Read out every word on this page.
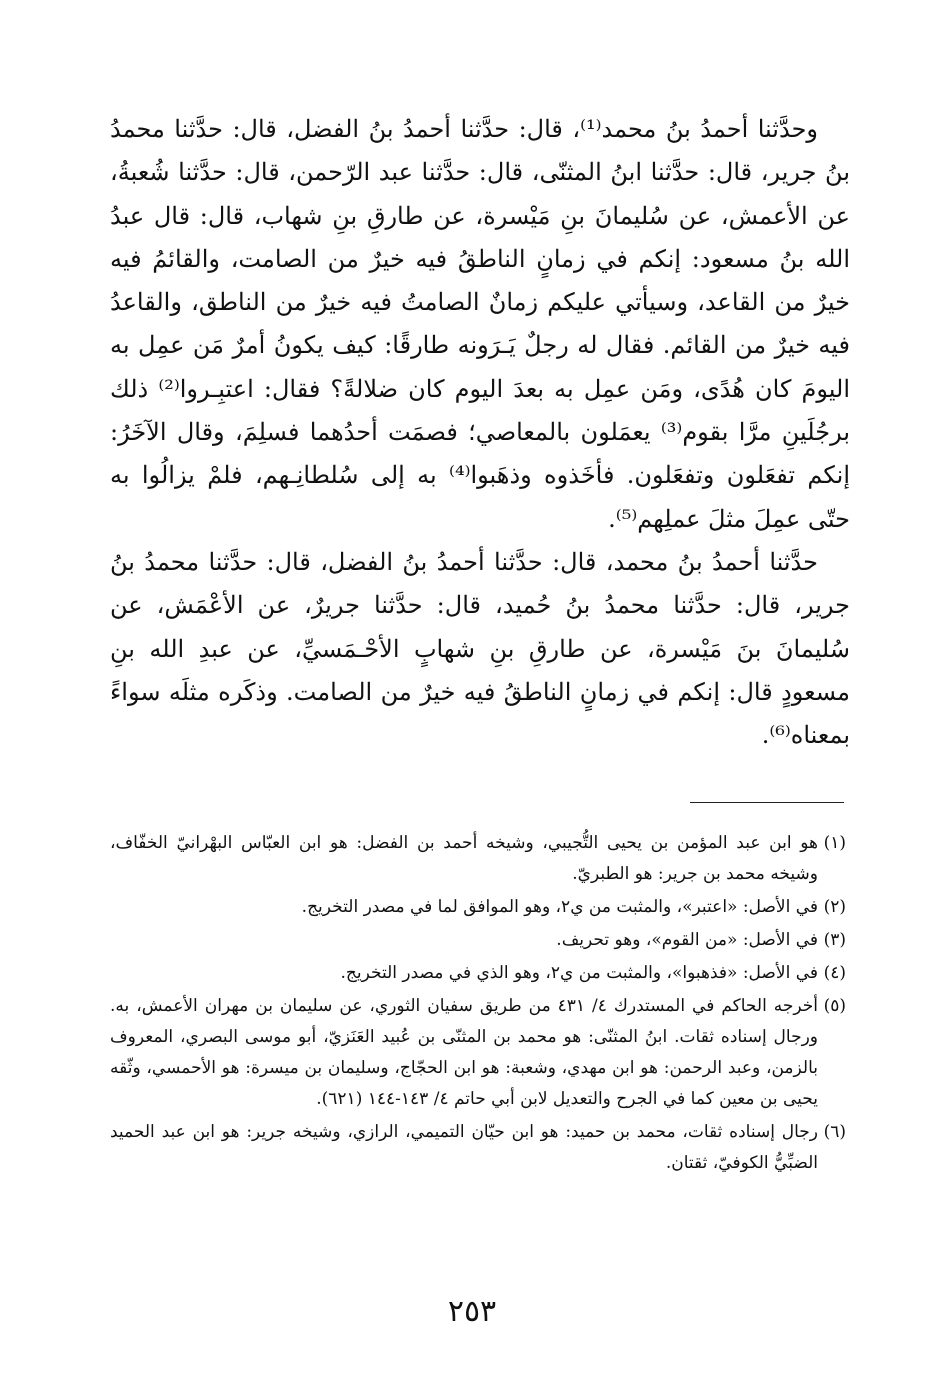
وحدَّثنا أحمدُ بنُ محمد⁽¹⁾، قال: حدَّثنا أحمدُ بنُ الفضل، قال: حدَّثنا محمدُ بنُ جرير، قال: حدَّثنا ابنُ المثنّى، قال: حدَّثنا عبد الرّحمن، قال: حدَّثنا شُعبةُ، عن الأعمش، عن سُليمانَ بنِ مَيْسرة، عن طارقِ بنِ شهاب، قال: قال عبدُ الله بنُ مسعود: إنكم في زمانٍ الناطقُ فيه خيرٌ من الصامت، والقائمُ فيه خيرٌ من القاعد، وسيأتي عليكم زمانٌ الصامتُ فيه خيرٌ من الناطق، والقاعدُ فيه خيرٌ من القائم. فقال له رجلٌ يَـرَونه طارقًا: كيف يكونُ أمرٌ مَن عمِل به اليومَ كان هُدًى، ومَن عمِل به بعدَ اليوم كان ضلالةً؟ فقال: اعتبِـروا⁽²⁾ ذلك برجُلَينِ مرَّا بقوم⁽³⁾ يعمَلون بالمعاصي؛ فصمَت أحدُهما فسلِمَ، وقال الآخَرُ: إنكم تفعَلون وتفعَلون. فأخَذوه وذهَبوا⁽⁴⁾ به إلى سُلطانِـهم، فلمْ يزالُوا به حتّى عمِلَ مثلَ عملِهم⁽⁵⁾.

حدَّثنا أحمدُ بنُ محمد، قال: حدَّثنا أحمدُ بنُ الفضل، قال: حدَّثنا محمدُ بنُ جرير، قال: حدَّثنا محمدُ بنُ حُميد، قال: حدَّثنا جريرٌ، عن الأعْمَش، عن سُليمانَ بنَ مَيْسرة، عن طارقِ بنِ شهابٍ الأحْـمَسيِّ، عن عبدِ الله بنِ مسعودٍ قال: إنكم في زمانٍ الناطقُ فيه خيرٌ من الصامت. وذكَره مثلَه سواءً بمعناه⁽⁶⁾.

(١)هو ابن عبد المؤمن بن يحيى التُّجيبي، وشيخه أحمد بن الفضل: هو ابن العبّاس البهْرانيّ الخفّاف، وشيخه محمد بن جرير: هو الطبريّ.

(٢)في الأصل: «اعتبر»، والمثبت من ي٢، وهو الموافق لما في مصدر التخريج.

(٣)في الأصل: «من القوم»، وهو تحريف.

(٤)في الأصل: «فذهبوا»، والمثبت من ي٢، وهو الذي في مصدر التخريج.

(٥)أخرجه الحاكم في المستدرك ٤/ ٤٣١ من طريق سفيان الثوري، عن سليمان بن مهران الأعمش، به. ورجال إسناده ثقات. ابنُ المثنّى: هو محمد بن المثنّى بن عُبيد العَنَزيّ، أبو موسى البصري، المعروف بالزمن، وعبد الرحمن: هو ابن مهدي، وشعبة: هو ابن الحجّاج، وسليمان بن ميسرة: هو الأحمسي، وثّقه يحيى بن معين كما في الجرح والتعديل لابن أبي حاتم ٤/ ١٤٣-١٤٤ (٦٢١).

(٦)رجال إسناده ثقات، محمد بن حميد: هو ابن حيّان التميمي، الرازي، وشيخه جرير: هو ابن عبد الحميد الضبِّيُّ الكوفيّ، ثقتان.

٢٥٣
